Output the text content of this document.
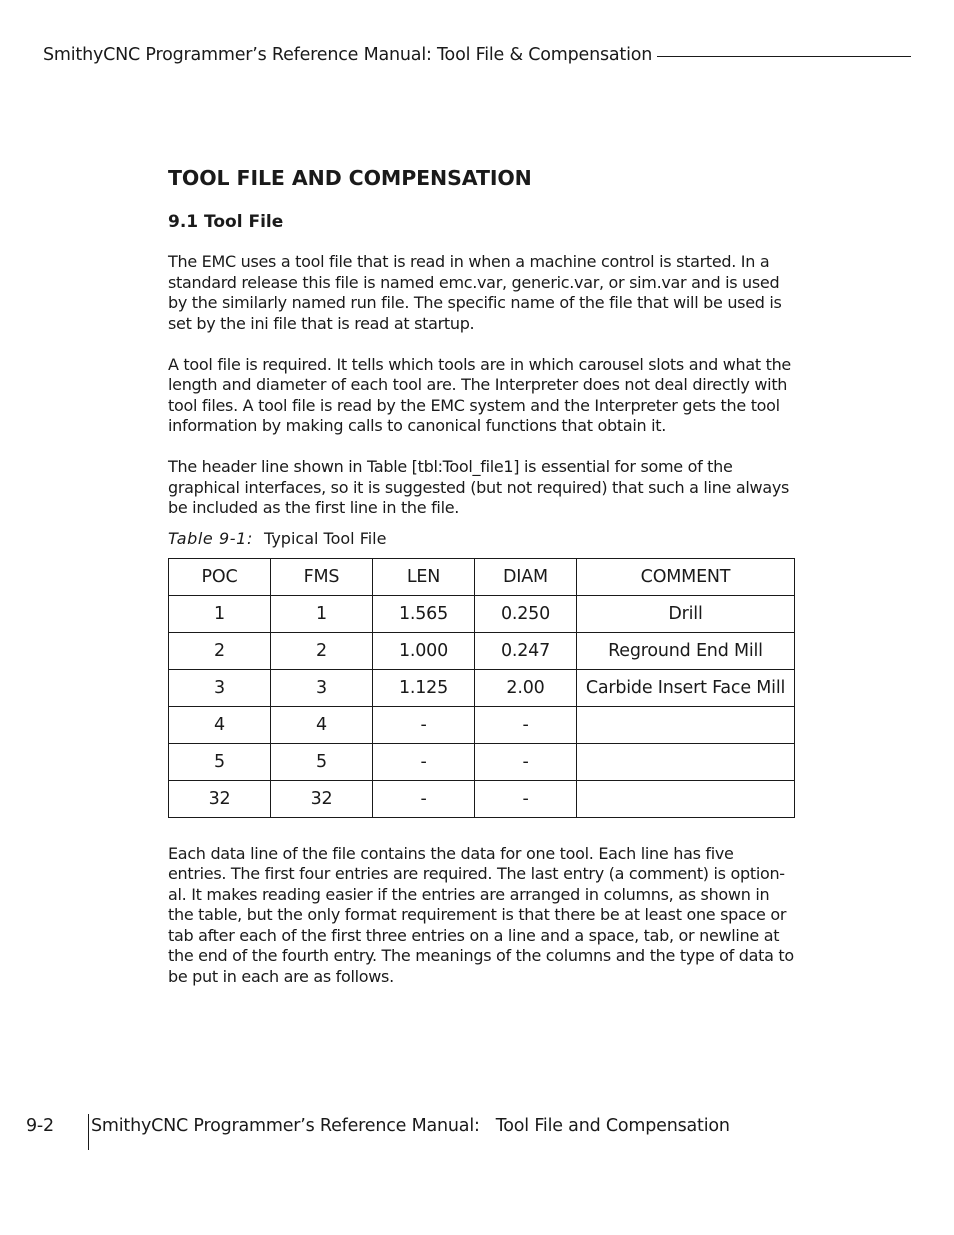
SmithyCNC Programmer’s Reference Manual: Tool File & Compensation
TOOL FILE AND COMPENSATION
9.1 Tool File

The EMC uses a tool file that is read in when a machine control is started. In a standard release this file is named emc.var, generic.var, or sim.var and is used by the similarly named run file. The specific name of the file that will be used is set by the ini file that is read at startup.

A tool file is required. It tells which tools are in which carousel slots and what the length and diameter of each tool are. The Interpreter does not deal directly with tool files. A tool file is read by the EMC system and the Interpreter gets the tool information by making calls to canonical functions that obtain it.

The header line shown in Table [tbl:Tool_file1] is essential for some of the graphical interfaces, so it is suggested (but not required) that such a line always be included as the first line in the file.

Table 9-1: Typical Tool File
POC	FMS	LEN	DIAM	COMMENT
1	1	1.565	0.250	Drill
2	2	1.000	0.247	Reground End Mill
3	3	1.125	2.00	Carbide Insert Face Mill
4	4	-	-	
5	5	-	-	
32	32	-	-	

Each data line of the file contains the data for one tool. Each line has five entries. The first four entries are required. The last entry (a comment) is option-al. It makes reading easier if the entries are arranged in columns, as shown in the table, but the only format requirement is that there be at least one space or tab after each of the first three entries on a line and a space, tab, or newline at the end of the fourth entry. The meanings of the columns and the type of data to be put in each are as follows.

9-2	SmithyCNC Programmer’s Reference Manual:   Tool File and Compensation
